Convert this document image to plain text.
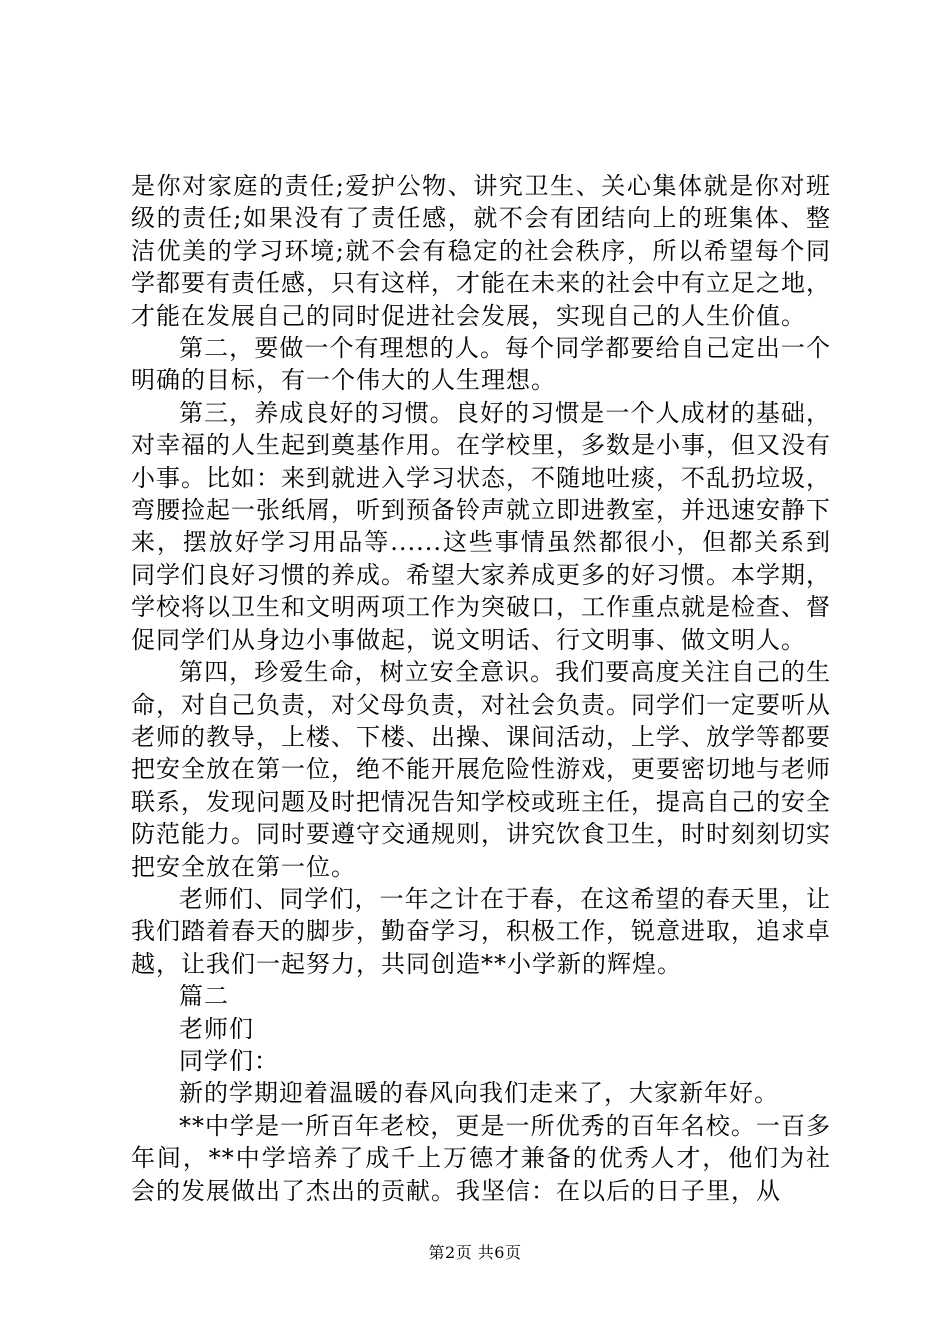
是你对家庭的责任;爱护公物、讲究卫生、关心集体就是你对班级的责任;如果没有了责任感，就不会有团结向上的班集体、整洁优美的学习环境;就不会有稳定的社会秩序，所以希望每个同学都要有责任感，只有这样，才能在未来的社会中有立足之地，才能在发展自己的同时促进社会发展，实现自己的人生价值。

第二，要做一个有理想的人。每个同学都要给自己定出一个明确的目标，有一个伟大的人生理想。

第三，养成良好的习惯。良好的习惯是一个人成材的基础，对幸福的人生起到奠基作用。在学校里，多数是小事，但又没有小事。比如：来到就进入学习状态，不随地吐痰，不乱扔垃圾，弯腰捡起一张纸屑，听到预备铃声就立即进教室，并迅速安静下来，摆放好学习用品等......这些事情虽然都很小，但都关系到同学们良好习惯的养成。希望大家养成更多的好习惯。本学期，学校将以卫生和文明两项工作为突破口，工作重点就是检查、督促同学们从身边小事做起，说文明话、行文明事、做文明人。

第四，珍爱生命，树立安全意识。我们要高度关注自己的生命，对自己负责，对父母负责，对社会负责。同学们一定要听从老师的教导，上楼、下楼、出操、课间活动，上学、放学等都要把安全放在第一位，绝不能开展危险性游戏，更要密切地与老师联系，发现问题及时把情况告知学校或班主任，提高自己的安全防范能力。同时要遵守交通规则，讲究饮食卫生，时时刻刻切实把安全放在第一位。

老师们、同学们，一年之计在于春，在这希望的春天里，让我们踏着春天的脚步，勤奋学习，积极工作，锐意进取，追求卓越，让我们一起努力，共同创造**小学新的辉煌。

篇二

老师们

同学们：

新的学期迎着温暖的春风向我们走来了，大家新年好。

**中学是一所百年老校，更是一所优秀的百年名校。一百多年间，**中学培养了成千上万德才兼备的优秀人才，他们为社会的发展做出了杰出的贡献。我坚信：在以后的日子里，从

第2页 共6页
